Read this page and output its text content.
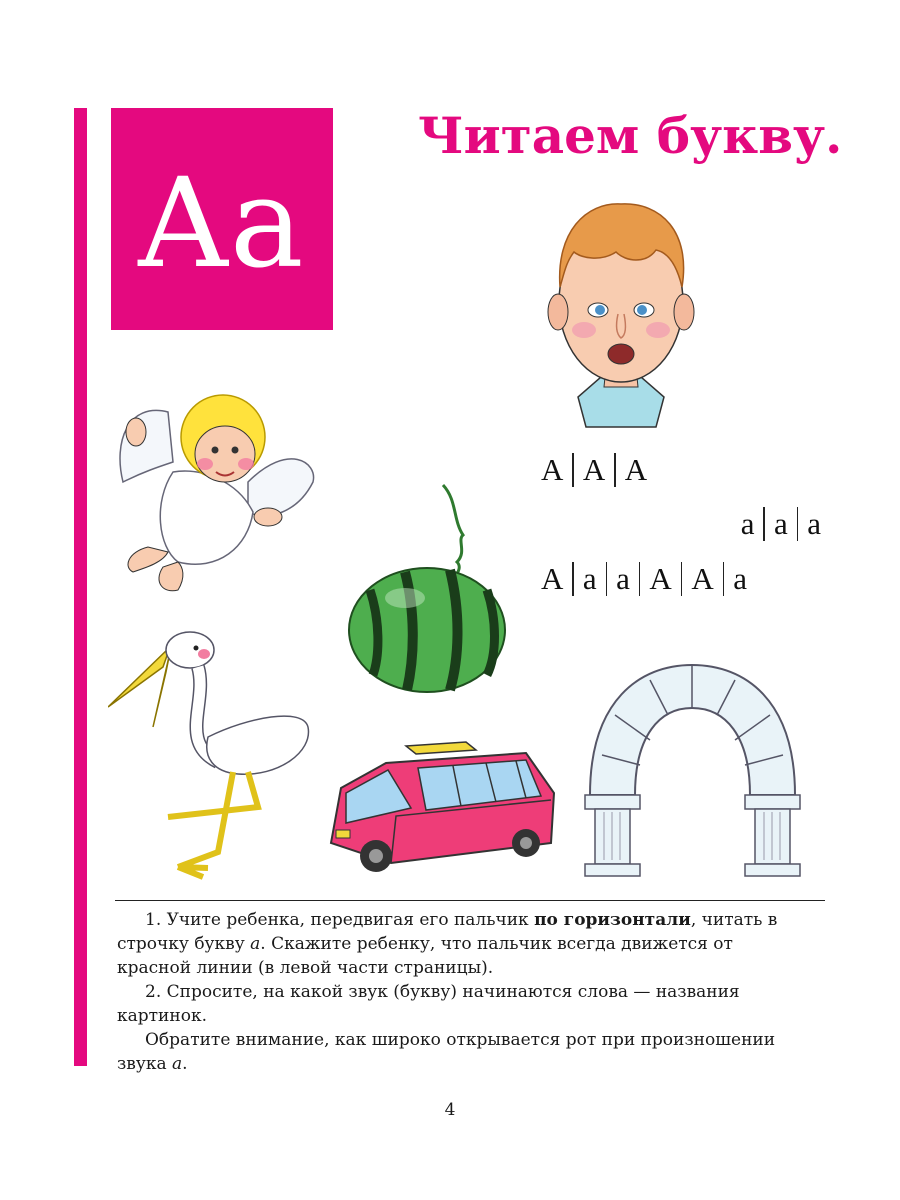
Aa
Читаем букву.
A A A
a a a
A a a A A a

1. Учите ребенка, передвигая его пальчик по горизонтали, читать в строчку букву а. Скажите ребенку, что пальчик всегда движется от красной линии (в левой части страницы).

2. Спросите, на какой звук (букву) начинаются слова — названия картинок.

Обратите внимание, как широко открывается рот при произношении звука а.

4
